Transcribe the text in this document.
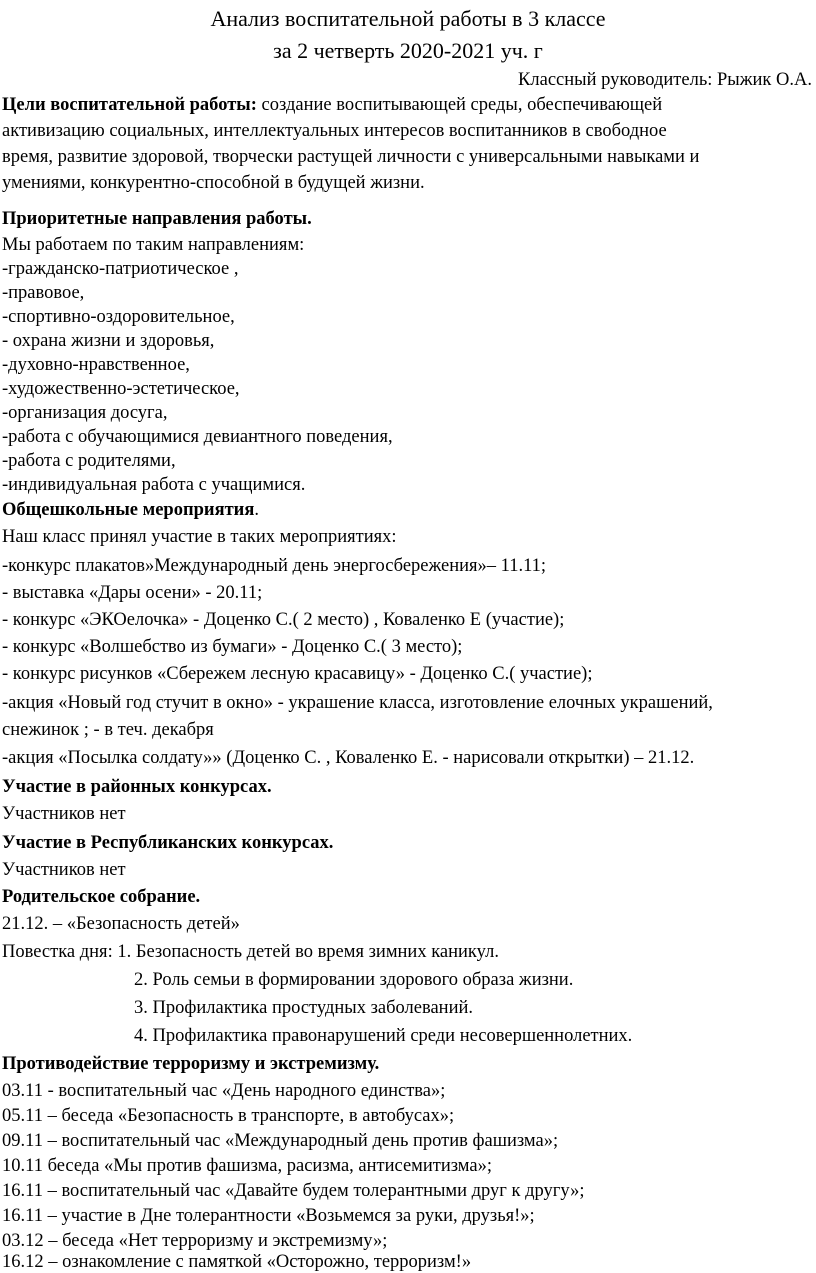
Анализ воспитательной работы в 3 классе
за 2 четверть 2020-2021 уч. г
Классный руководитель: Рыжик О.А.
Цели воспитательной работы: создание воспитывающей среды, обеспечивающей
активизацию социальных, интеллектуальных интересов воспитанников в свободное
время, развитие здоровой, творчески растущей личности с универсальными навыками и
умениями, конкурентно-способной в будущей жизни.
Приоритетные направления работы.
Мы работаем по таким направлениям:
-гражданско-патриотическое ,
-правовое,
-спортивно-оздоровительное,
- охрана жизни и здоровья,
-духовно-нравственное,
-художественно-эстетическое,
-организация досуга,
-работа с обучающимися девиантного поведения,
-работа с родителями,
-индивидуальная работа с учащимися.
Общешкольные мероприятия.
Наш класс принял участие в таких мероприятиях:
-конкурс плакатов»Международный день энергосбережения»– 11.11;
- выставка «Дары осени» - 20.11;
- конкурс «ЭКОелочка» - Доценко С.( 2 место) , Коваленко Е (участие);
- конкурс «Волшебство из бумаги» - Доценко С.( 3 место);
- конкурс рисунков «Сбережем лесную красавицу» - Доценко С.( участие);
-акция «Новый год стучит в окно» - украшение класса, изготовление елочных украшений,
снежинок ; - в теч. декабря
-акция «Посылка солдату»» (Доценко С. , Коваленко Е. - нарисовали открытки) – 21.12.
Участие в районных конкурсах.
Участников нет
Участие в Республиканских конкурсах.
Участников нет
Родительское собрание.
21.12. – «Безопасность детей»
Повестка дня: 1. Безопасность детей во время зимних каникул.
2. Роль семьи в формировании здорового образа жизни.
3. Профилактика простудных заболеваний.
4. Профилактика правонарушений среди несовершеннолетних.
Противодействие терроризму и экстремизму.
03.11 - воспитательный час «День народного единства»;
05.11 – беседа «Безопасность в транспорте, в автобусах»;
09.11 – воспитательный час «Международный день против фашизма»;
10.11 беседа «Мы против фашизма, расизма, антисемитизма»;
16.11 – воспитательный час «Давайте будем толерантными друг к другу»;
16.11 – участие в Дне толерантности «Возьмемся за руки, друзья!»;
03.12 – беседа «Нет терроризму и экстремизму»;
16.12 – ознакомление с памяткой «Осторожно, терроризм!»
